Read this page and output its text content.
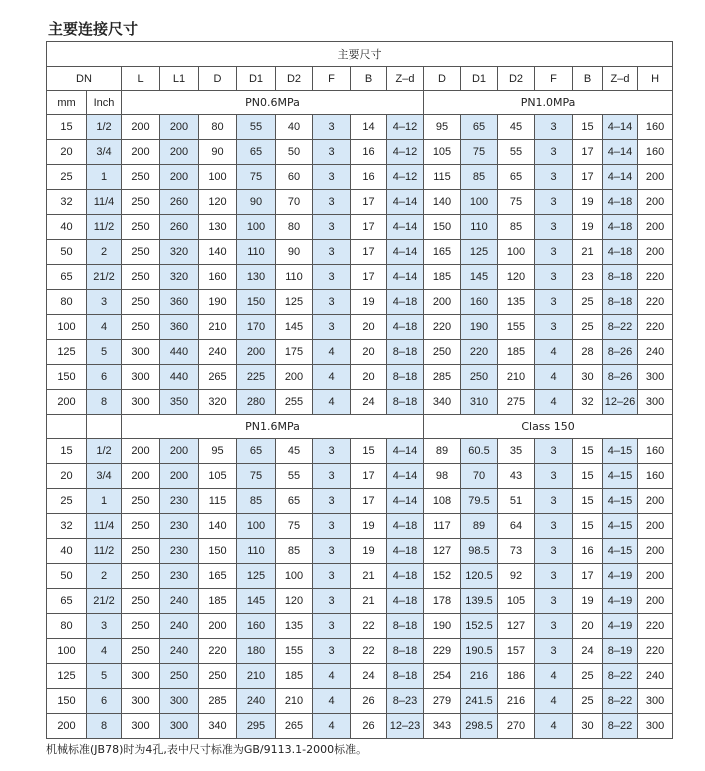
主要连接尺寸
主要尺寸																
DN		L	L1	D	D1	D2	F	B	Z–d	D	D1	D2	F	B	Z–d	H
mm	Inch	PN0.6MPa								PN1.0MPa						
15	1/2	200	200	80	55	40	3	14	4–12	95	65	45	3	15	4–14	160
20	3/4	200	200	90	65	50	3	16	4–12	105	75	55	3	17	4–14	160
25	1	250	200	100	75	60	3	16	4–12	115	85	65	3	17	4–14	200
32	11/4	250	260	120	90	70	3	17	4–14	140	100	75	3	19	4–18	200
40	11/2	250	260	130	100	80	3	17	4–14	150	110	85	3	19	4–18	200
50	2	250	320	140	110	90	3	17	4–14	165	125	100	3	21	4–18	200
65	21/2	250	320	160	130	110	3	17	4–14	185	145	120	3	23	8–18	220
80	3	250	360	190	150	125	3	19	4–18	200	160	135	3	25	8–18	220
100	4	250	360	210	170	145	3	20	4–18	220	190	155	3	25	8–22	220
125	5	300	440	240	200	175	4	20	8–18	250	220	185	4	28	8–26	240
150	6	300	440	265	225	200	4	20	8–18	285	250	210	4	30	8–26	300
200	8	300	350	320	280	255	4	24	8–18	340	310	275	4	32	12–26	300
		PN1.6MPa								Class 150						
15	1/2	200	200	95	65	45	3	15	4–14	89	60.5	35	3	15	4–15	160
20	3/4	200	200	105	75	55	3	17	4–14	98	70	43	3	15	4–15	160
25	1	250	230	115	85	65	3	17	4–14	108	79.5	51	3	15	4–15	200
32	11/4	250	230	140	100	75	3	19	4–18	117	89	64	3	15	4–15	200
40	11/2	250	230	150	110	85	3	19	4–18	127	98.5	73	3	16	4–15	200
50	2	250	230	165	125	100	3	21	4–18	152	120.5	92	3	17	4–19	200
65	21/2	250	240	185	145	120	3	21	4–18	178	139.5	105	3	19	4–19	200
80	3	250	240	200	160	135	3	22	8–18	190	152.5	127	3	20	4–19	220
100	4	250	240	220	180	155	3	22	8–18	229	190.5	157	3	24	8–19	220
125	5	300	250	250	210	185	4	24	8–18	254	216	186	4	25	8–22	240
150	6	300	300	285	240	210	4	26	8–23	279	241.5	216	4	25	8–22	300
200	8	300	300	340	295	265	4	26	12–23	343	298.5	270	4	30	8–22	300
机械标准(JB78)时为4孔,表中尺寸标准为GB/9113.1-2000标准。
